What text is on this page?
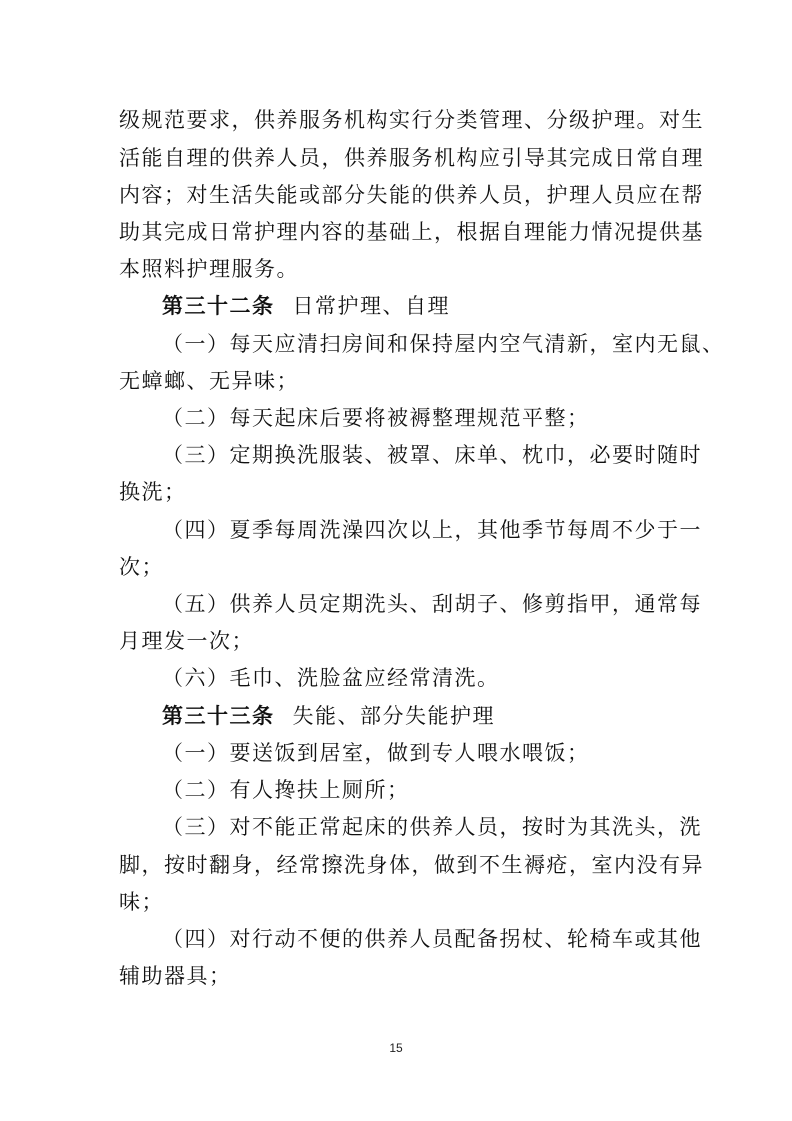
级规范要求，供养服务机构实行分类管理、分级护理。对生
活能自理的供养人员，供养服务机构应引导其完成日常自理
内容；对生活失能或部分失能的供养人员，护理人员应在帮
助其完成日常护理内容的基础上，根据自理能力情况提供基
本照料护理服务。
第三十二条 日常护理、自理
（一）每天应清扫房间和保持屋内空气清新，室内无鼠、
无蟑螂、无异味；
（二）每天起床后要将被褥整理规范平整；
（三）定期换洗服装、被罩、床单、枕巾，必要时随时
换洗；
（四）夏季每周洗澡四次以上，其他季节每周不少于一
次；
（五）供养人员定期洗头、刮胡子、修剪指甲，通常每
月理发一次；
（六）毛巾、洗脸盆应经常清洗。
第三十三条 失能、部分失能护理
（一）要送饭到居室，做到专人喂水喂饭；
（二）有人搀扶上厕所；
（三）对不能正常起床的供养人员，按时为其洗头，洗
脚，按时翻身，经常擦洗身体，做到不生褥疮，室内没有异
味；
（四）对行动不便的供养人员配备拐杖、轮椅车或其他
辅助器具；
15
